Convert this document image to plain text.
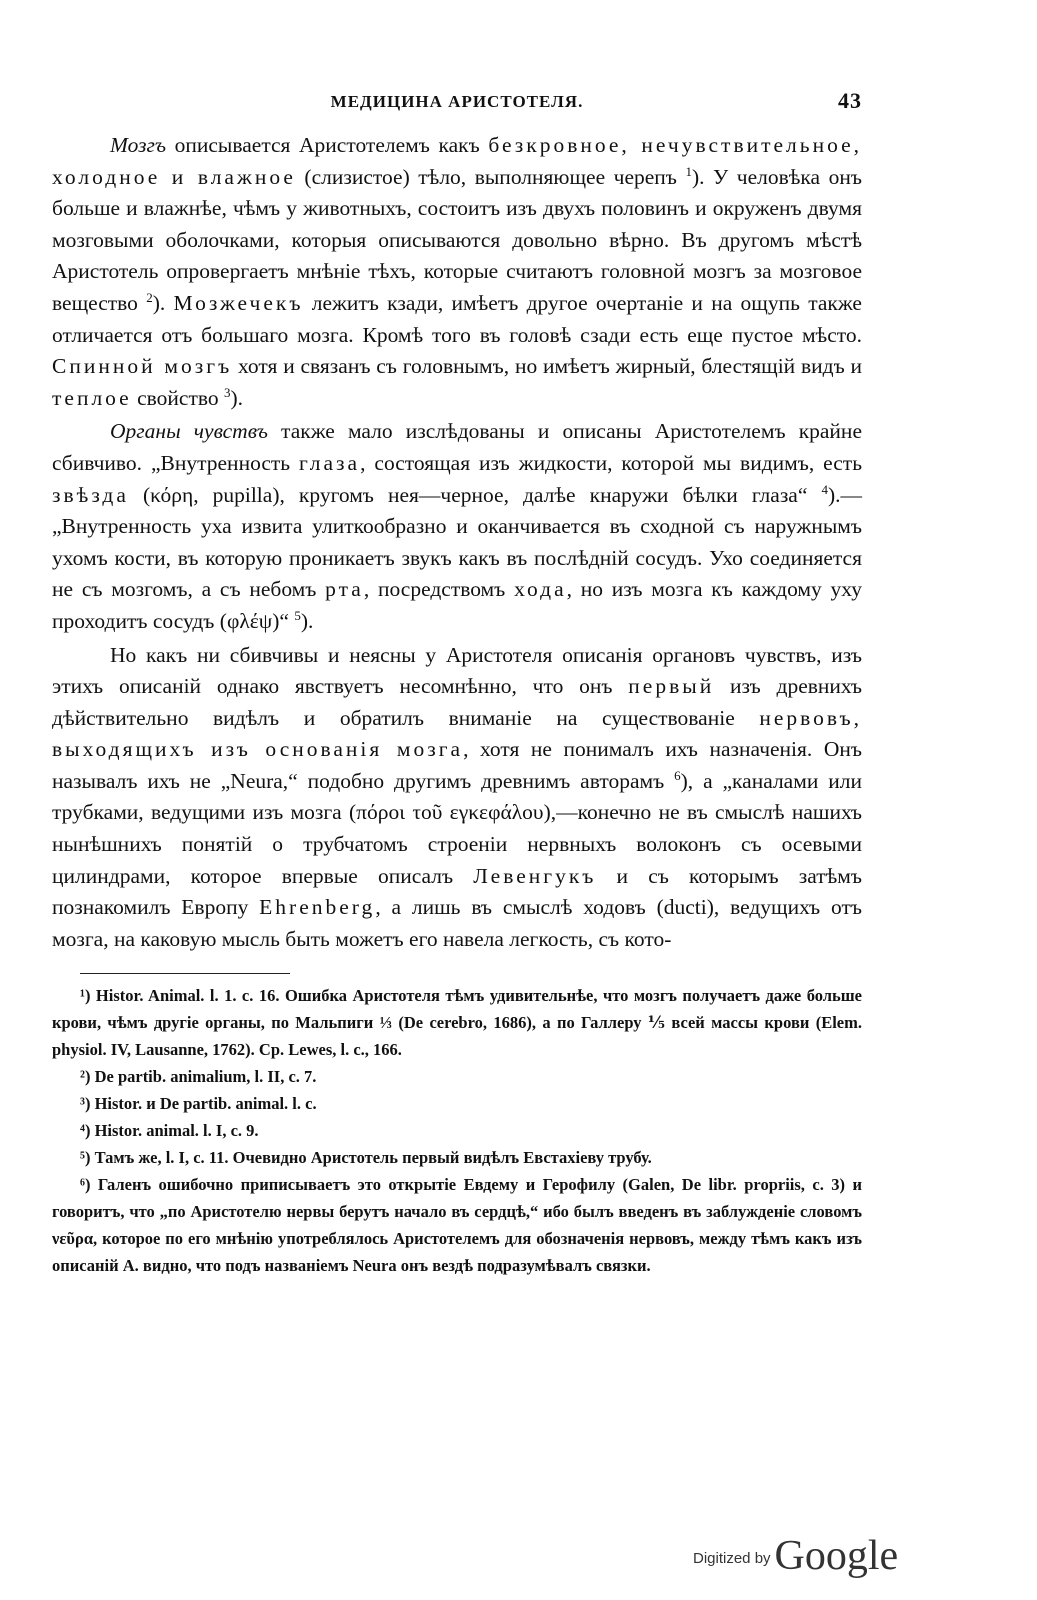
МЕДИЦИНА АРИСТОТЕЛЯ.	43

Мозгъ описывается Аристотелемъ какъ безкровное, нечувствительное, холодное и влажное (слизистое) тѣло, выполняющее черепъ $^1$). У человѣка онъ больше и влажнѣе, чѣмъ у животныхъ, состоитъ изъ двухъ половинъ и окруженъ двумя мозговыми оболочками, которыя описываются довольно вѣрно. Въ другомъ мѣстѣ Аристотель опровергаетъ мнѣніе тѣхъ, которые считаютъ головной мозгъ за мозговое вещество $^2$). Мозжечекъ лежитъ кзади, имѣетъ другое очертаніе и на ощупь также отличается отъ большаго мозга. Кромѣ того въ головѣ сзади есть еще пустое мѣсто. Спинной мозгъ хотя и связанъ съ головнымъ, но имѣетъ жирный, блестящій видъ и теплое свойство $^3$).

Органы чувствъ также мало изслѣдованы и описаны Аристотелемъ крайне сбивчиво. „Внутренность глаза, состоящая изъ жидкости, которой мы видимъ, есть звѣзда (κόρη, pupilla), кругомъ нея—черное, далѣе кнаружи бѣлки глаза“ $^4$).—„Внутренность уха извита улиткообразно и оканчивается въ сходной съ наружнымъ ухомъ кости, въ которую проникаетъ звукъ какъ въ послѣдній сосудъ. Ухо соединяется не съ мозгомъ, а съ небомъ рта, посредствомъ хода, но изъ мозга къ каждому уху проходитъ сосудъ (φλέψ)“ $^5$).

Но какъ ни сбивчивы и неясны у Аристотеля описанія органовъ чувствъ, изъ этихъ описаній однако явствуетъ несомнѣнно, что онъ первый изъ древнихъ дѣйствительно видѣлъ и обратилъ вниманіе на существованіе нервовъ, выходящихъ изъ основанія мозга, хотя не понималъ ихъ назначенія. Онъ называлъ ихъ не „Neura,“ подобно другимъ древнимъ авторамъ $^6$), а „каналами или трубками, ведущими изъ мозга (πόροι τοῦ εγκεφάλου),—конечно не въ смыслѣ нашихъ нынѣшнихъ понятій о трубчатомъ строеніи нервныхъ волоконъ съ осевыми цилиндрами, которое впервые описалъ Левенгукъ и съ которымъ затѣмъ познакомилъ Европу Ehrenberg, а лишь въ смыслѣ ходовъ (ducti), ведущихъ отъ мозга, на каковую мысль быть можетъ его навела легкость, съ кото-

¹) Histor. Animal. l. 1. c. 16. Ошибка Аристотеля тѣмъ удивительнѣе, что мозгъ получаетъ даже больше крови, чѣмъ другіе органы, по Мальпиги ⅓ (De cerebro, 1686), а по Галлеру ⅕ всей массы крови (Elem. physiol. IV, Lausanne, 1762). Ср. Lewes, l. c., 166.

²) De partib. animalium, l. II, c. 7.

³) Histor. и De partib. animal. l. c.

⁴) Histor. animal. l. I, c. 9.

⁵) Тамъ же, l. I, c. 11. Очевидно Аристотель первый видѣлъ Евстахіеву трубу.

⁶) Галенъ ошибочно приписываетъ это открытіе Евдему и Герофилу (Galen, De libr. propriis, c. 3) и говоритъ, что „по Аристотелю нервы берутъ начало въ сердцѣ,“ ибо былъ введенъ въ заблужденіе словомъ νεῦρα, которое по его мнѣнію употреблялось Аристотелемъ для обозначенія нервовъ, между тѣмъ какъ изъ описаній А. видно, что подъ названіемъ Neura онъ вездѣ подразумѣвалъ связки.

Digitized by Google
